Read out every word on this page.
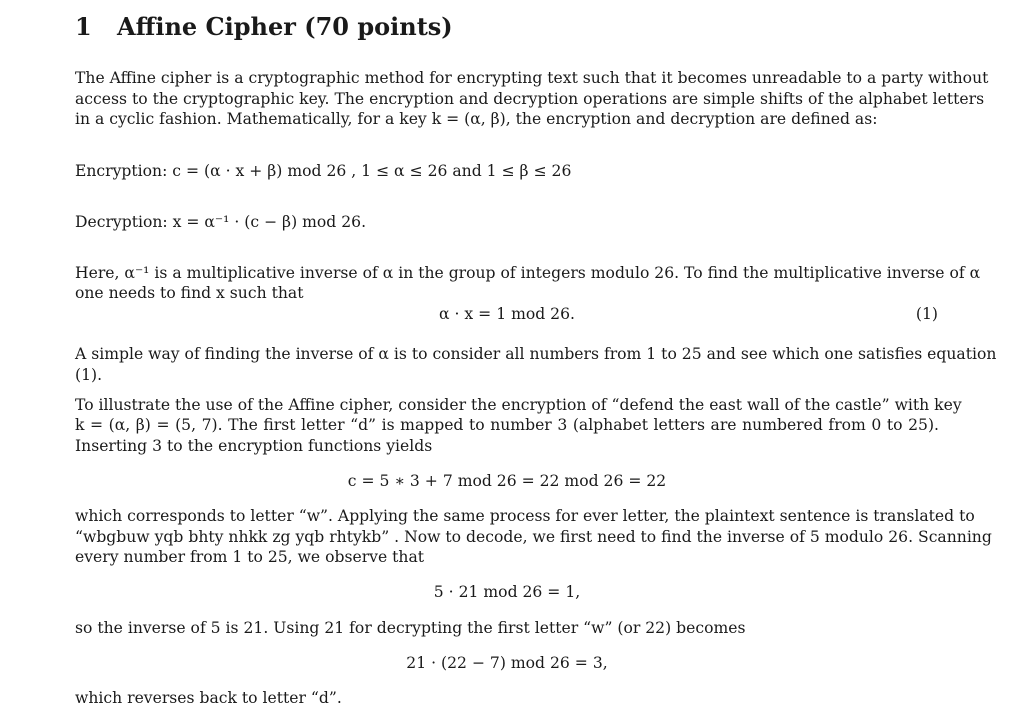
1 Affine Cipher (70 points)
The Affine cipher is a cryptographic method for encrypting text such that it becomes unreadable to a party without
access to the cryptographic key. The encryption and decryption operations are simple shifts of the alphabet letters
in a cyclic fashion. Mathematically, for a key k = (α, β), the encryption and decryption are defined as:
Encryption: c = (α · x + β) mod 26 , 1 ≤ α ≤ 26 and 1 ≤ β ≤ 26
Decryption: x = α⁻¹ · (c − β) mod 26.
Here, α⁻¹ is a multiplicative inverse of α in the group of integers modulo 26. To find the multiplicative inverse of α
one needs to find x such that
α · x = 1 mod 26.	(1)
A simple way of finding the inverse of α is to consider all numbers from 1 to 25 and see which one satisfies equation
(1).
To illustrate the use of the Affine cipher, consider the encryption of “defend the east wall of the castle” with key
k = (α, β) = (5, 7). The first letter “d” is mapped to number 3 (alphabet letters are numbered from 0 to 25).
Inserting 3 to the encryption functions yields
c = 5 ∗ 3 + 7 mod 26 = 22 mod 26 = 22
which corresponds to letter “w”. Applying the same process for ever letter, the plaintext sentence is translated to
“wbgbuw yqb bhty nhkk zg yqb rhtykb” . Now to decode, we first need to find the inverse of 5 modulo 26. Scanning
every number from 1 to 25, we observe that
5 · 21 mod 26 = 1,
so the inverse of 5 is 21. Using 21 for decrypting the first letter “w” (or 22) becomes
21 · (22 − 7) mod 26 = 3,
which reverses back to letter “d”.
